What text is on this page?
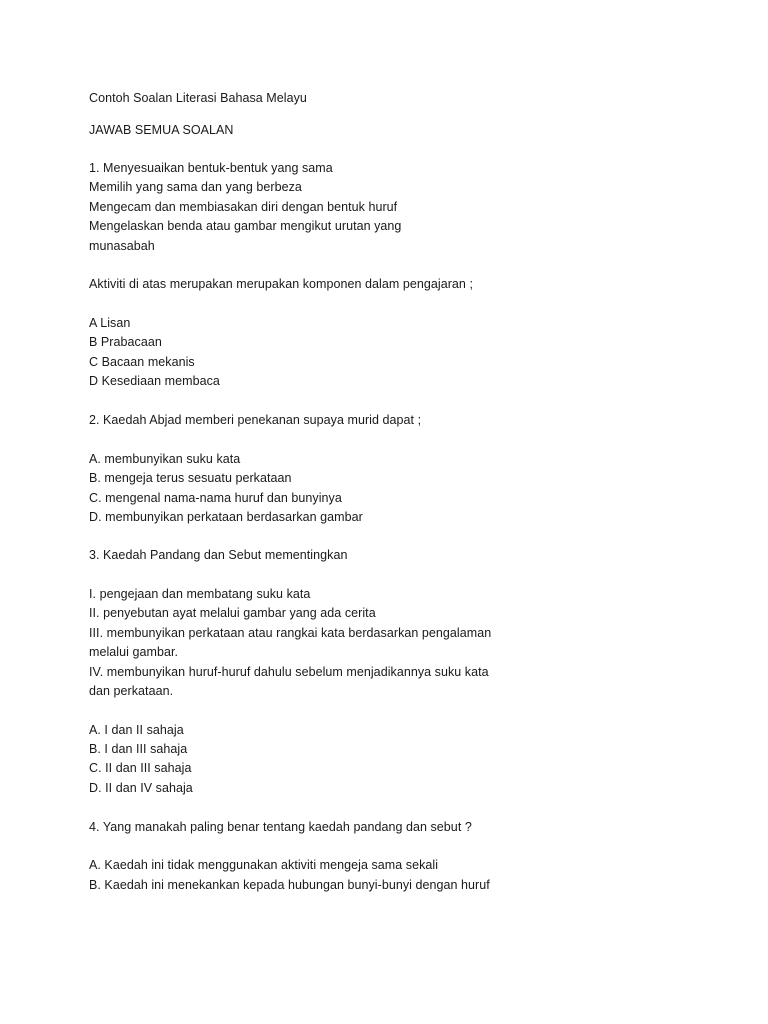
Contoh Soalan Literasi Bahasa Melayu
JAWAB SEMUA SOALAN
1. Menyesuaikan bentuk-bentuk yang sama
Memilih yang sama dan yang berbeza
Mengecam dan membiasakan diri dengan bentuk huruf
Mengelaskan benda atau gambar mengikut urutan yang
munasabah
Aktiviti di atas merupakan merupakan komponen dalam pengajaran ;
A Lisan
B Prabacaan
C Bacaan mekanis
D Kesediaan membaca
2. Kaedah Abjad memberi penekanan supaya murid dapat ;
A. membunyikan suku kata
B. mengeja terus sesuatu perkataan
C. mengenal nama-nama huruf dan bunyinya
D. membunyikan perkataan berdasarkan gambar
3. Kaedah Pandang dan Sebut mementingkan
I. pengejaan dan membatang suku kata
II. penyebutan ayat melalui gambar yang ada cerita
III. membunyikan perkataan atau rangkai kata berdasarkan pengalaman
melalui gambar.
IV. membunyikan huruf-huruf dahulu sebelum menjadikannya suku kata
dan perkataan.
A. I dan II sahaja
B. I dan III sahaja
C. II dan III sahaja
D. II dan IV sahaja
4. Yang manakah paling benar tentang kaedah pandang dan sebut ?
A. Kaedah ini tidak menggunakan aktiviti mengeja sama sekali
B. Kaedah ini menekankan kepada hubungan bunyi-bunyi dengan huruf
